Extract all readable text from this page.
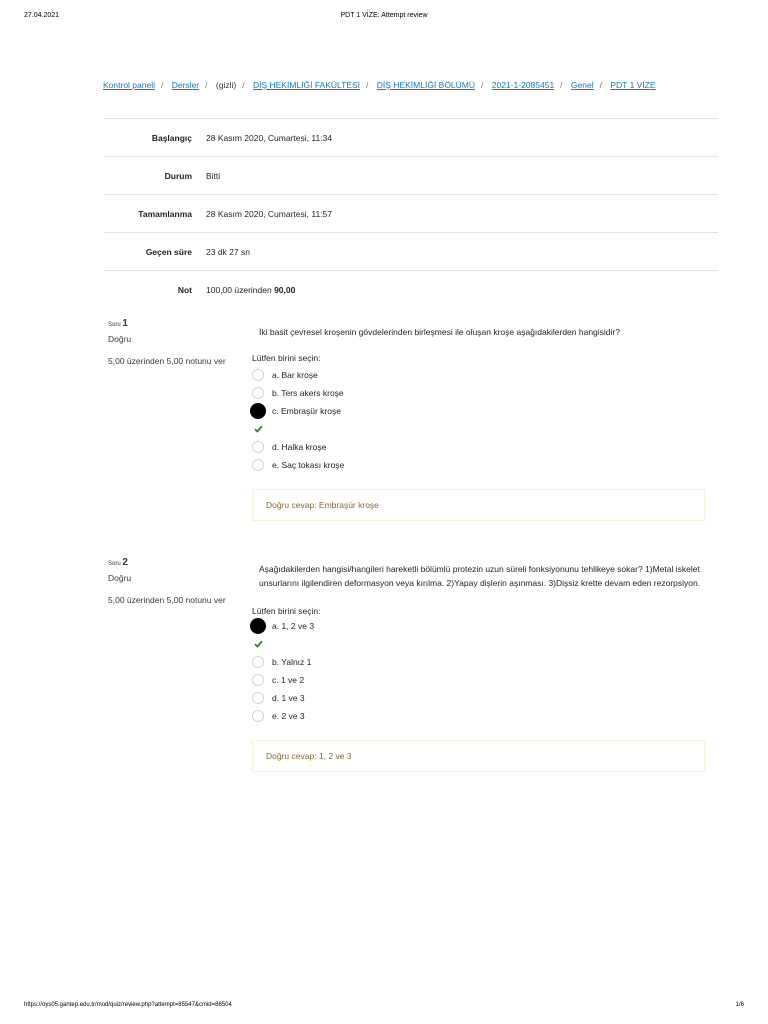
27.04.2021	PDT 1 VİZE: Attempt review
Kontrol paneli / Dersler / (gizli) / DİŞ HEKİMLİĞİ FAKÜLTESİ / DİŞ HEKİMLİĞİ BÖLÜMÜ / 2021-1-2085451 / Genel / PDT 1 VİZE
Başlangıç 28 Kasım 2020, Cumartesi, 11:34
Durum Bitti
Tamamlanma 28 Kasım 2020, Cumartesi, 11:57
Geçen süre 23 dk 27 sn
Not 100,00 üzerinden 90,00
Soru 1
Doğru
5,00 üzerinden 5,00 notunu ver
İki basit çevresel kroşenin gövdelerinden birleşmesi ile oluşan kroşe aşağıdakilerden hangisidir?
Lütfen birini seçin:
a. Bar kroşe
b. Ters akers kroşe
c. Embraşür kroşe
d. Halka kroşe
e. Saç tokası kroşe
Doğru cevap: Embraşür kroşe
Soru 2
Doğru
5,00 üzerinden 5,00 notunu ver
Aşağıdakilerden hangisi/hangileri hareketli bölümlü protezin uzun süreli fonksiyonunu tehlikeye sokar? 1)Metal iskelet unsurlarını ilgilendiren deformasyon veya kırılma. 2)Yapay dişlerin aşınması. 3)Dişsiz krette devam eden rezorpsiyon.
Lütfen birini seçin:
a. 1, 2 ve 3
b. Yalnız 1
c. 1 ve 2
d. 1 ve 3
e. 2 ve 3
Doğru cevap: 1, 2 ve 3
https://oys05.gantep.edu.tr/mod/quiz/review.php?attempt=85547&cmid=86504	1/6
